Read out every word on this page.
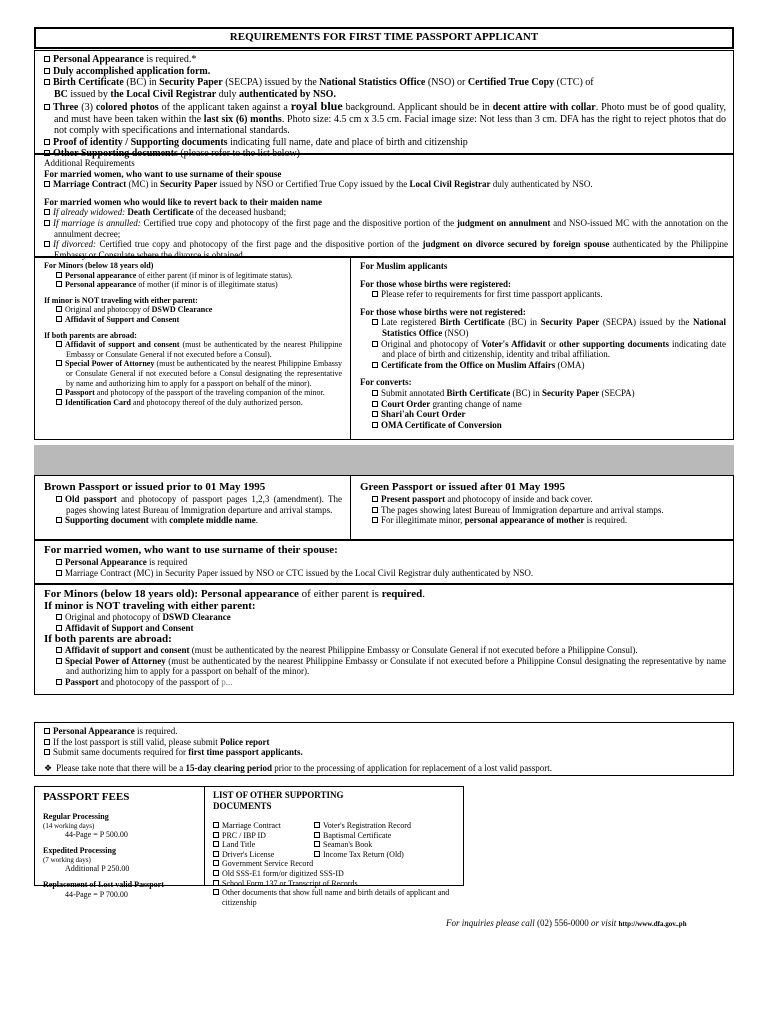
REQUIREMENTS FOR FIRST TIME PASSPORT APPLICANT
Personal Appearance is required.*
Duly accomplished application form.
Birth Certificate (BC) in Security Paper (SECPA) issued by the National Statistics Office (NSO) or Certified True Copy (CTC) of
BC issued by the Local Civil Registrar duly authenticated by NSO.
Three (3) colored photos of the applicant taken against a royal blue background. Applicant should be in decent attire with collar. Photo must be of good quality, and must have been taken within the last six (6) months. Photo size: 4.5 cm x 3.5 cm. Facial image size: Not less than 3 cm. DFA has the right to reject photos that do not comply with specifications and international standards.
Proof of identity / Supporting documents indicating full name, date and place of birth and citizenship
Other Supporting documents (please refer to the list below)
Additional Requirements
For married women, who want to use surname of their spouse
Marriage Contract (MC) in Security Paper issued by NSO or Certified True Copy issued by the Local Civil Registrar duly authenticated by NSO.
For married women who would like to revert back to their maiden name
If already widowed: Death Certificate of the deceased husband;
If marriage is annulled: Certified true copy and photocopy of the first page and the dispositive portion of the judgment on annulment and NSO-issued MC with the annotation on the annulment decree;
If divorced: Certified true copy and photocopy of the first page and the dispositive portion of the judgment on divorce secured by foreign spouse authenticated by the Philippine Embassy or Consulate where the divorce is obtained.
For Minors (below 18 years old)
Personal appearance of either parent (if minor is of legitimate status).
Personal appearance of mother (if minor is of illegitimate status)
If minor is NOT traveling with either parent:
Original and photocopy of DSWD Clearance
Affidavit of Support and Consent
If both parents are abroad:
Affidavit of support and consent (must be authenticated by the nearest Philippine Embassy or Consulate General if not executed before a Consul).
Special Power of Attorney (must be authenticated by the nearest Philippine Embassy or Consulate General if not executed before a Consul designating the representative by name and authorizing him to apply for a passport on behalf of the minor).
Passport and photocopy of the passport of the traveling companion of the minor.
Identification Card and photocopy thereof of the duly authorized person.
For Muslim applicants
For those whose births were registered:
Please refer to requirements for first time passport applicants.
For those whose births were not registered:
Late registered Birth Certificate (BC) in Security Paper (SECPA) issued by the National Statistics Office (NSO)
Original and photocopy of Voter's Affidavit or other supporting documents indicating date and place of birth and citizenship, identity and tribal affiliation.
Certificate from the Office on Muslim Affairs (OMA)
For converts:
Submit annotated Birth Certificate (BC) in Security Paper (SECPA)
Court Order granting change of name
Shari'ah Court Order
OMA Certificate of Conversion
Brown Passport or issued prior to 01 May 1995
Old passport and photocopy of passport pages 1,2,3 (amendment). The pages showing latest Bureau of Immigration departure and arrival stamps.
Supporting document with complete middle name.
Green Passport or issued after 01 May 1995
Present passport and photocopy of inside and back cover.
The pages showing latest Bureau of Immigration departure and arrival stamps.
For illegitimate minor, personal appearance of mother is required.
For married women, who want to use surname of their spouse:
Personal Appearance is required
Marriage Contract (MC) in Security Paper issued by NSO or CTC issued by the Local Civil Registrar duly authenticated by NSO.
For Minors (below 18 years old): Personal appearance of either parent is required.
If minor is NOT traveling with either parent:
Original and photocopy of DSWD Clearance
Affidavit of Support and Consent
If both parents are abroad:
Affidavit of support and consent (must be authenticated by the nearest Philippine Embassy or Consulate General if not executed before a Philippine Consul).
Special Power of Attorney (must be authenticated by the nearest Philippine Embassy or Consulate if not executed before a Philippine Consul designating the representative by name and authorizing him to apply for a passport on behalf of the minor).
Passport and photocopy of the passport of p...
Personal Appearance is required.
If the lost passport is still valid, please submit Police report
Submit same documents required for first time passport applicants.
❖ Please take note that there will be a 15-day clearing period prior to the processing of application for replacement of a lost valid passport.
PASSPORT FEES
Regular Processing
(14 working days)
44-Page = P 500.00
Expedited Processing
(7 working days)
Additional P 250.00
Replacement of Lost valid Passport
44-Page = P 700.00
LIST OF OTHER SUPPORTING DOCUMENTS
Marriage Contract
PRC / IBP ID
Land Title
Driver's License
Voter's Registration Record
Baptismal Certificate
Seaman's Book
Income Tax Return (Old)
Government Service Record
Old SSS-E1 form/or digitized SSS-ID
School Form 137 or Transcript of Records
Other documents that show full name and birth details of applicant and citizenship
For inquiries please call (02) 556-0000 or visit http://www.dfa.gov..ph
